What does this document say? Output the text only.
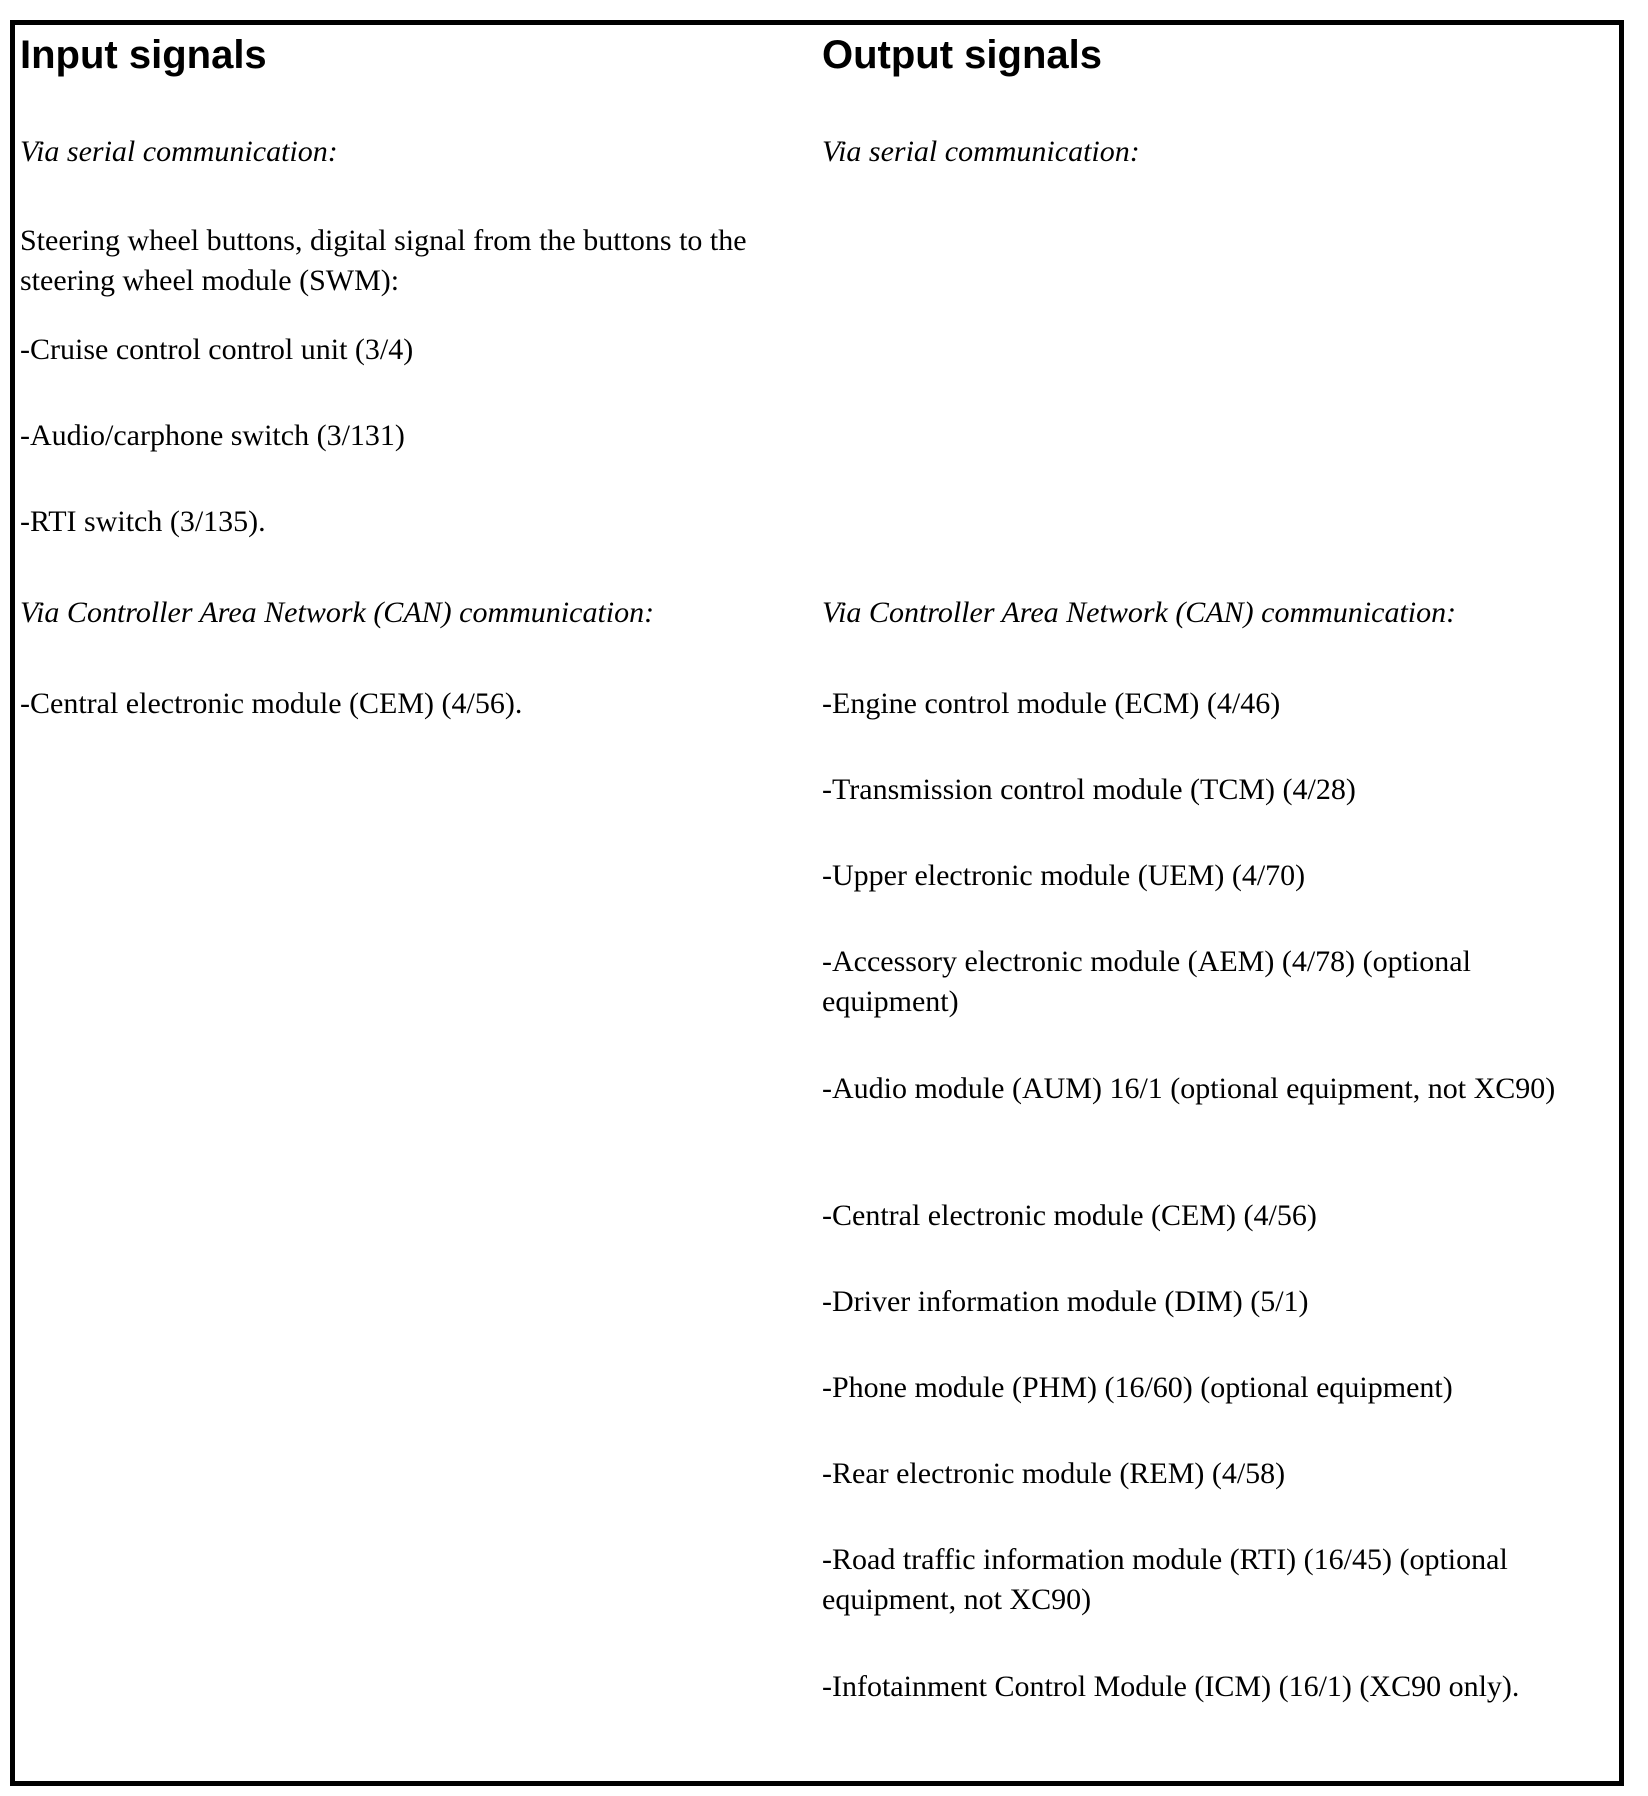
Input signals
Via serial communication:
Steering wheel buttons, digital signal from the buttons to the steering wheel module (SWM):
-Cruise control control unit (3/4)
-Audio/carphone switch (3/131)
-RTI switch (3/135).
Via Controller Area Network (CAN) communication:
-Central electronic module (CEM) (4/56).
Output signals
Via serial communication:
Via Controller Area Network (CAN) communication:
-Engine control module (ECM) (4/46)
-Transmission control module (TCM) (4/28)
-Upper electronic module (UEM) (4/70)
-Accessory electronic module (AEM) (4/78) (optional equipment)
-Audio module (AUM) 16/1 (optional equipment, not XC90)
-Central electronic module (CEM) (4/56)
-Driver information module (DIM) (5/1)
-Phone module (PHM) (16/60) (optional equipment)
-Rear electronic module (REM) (4/58)
-Road traffic information module (RTI) (16/45) (optional equipment, not XC90)
-Infotainment Control Module (ICM) (16/1) (XC90 only).
